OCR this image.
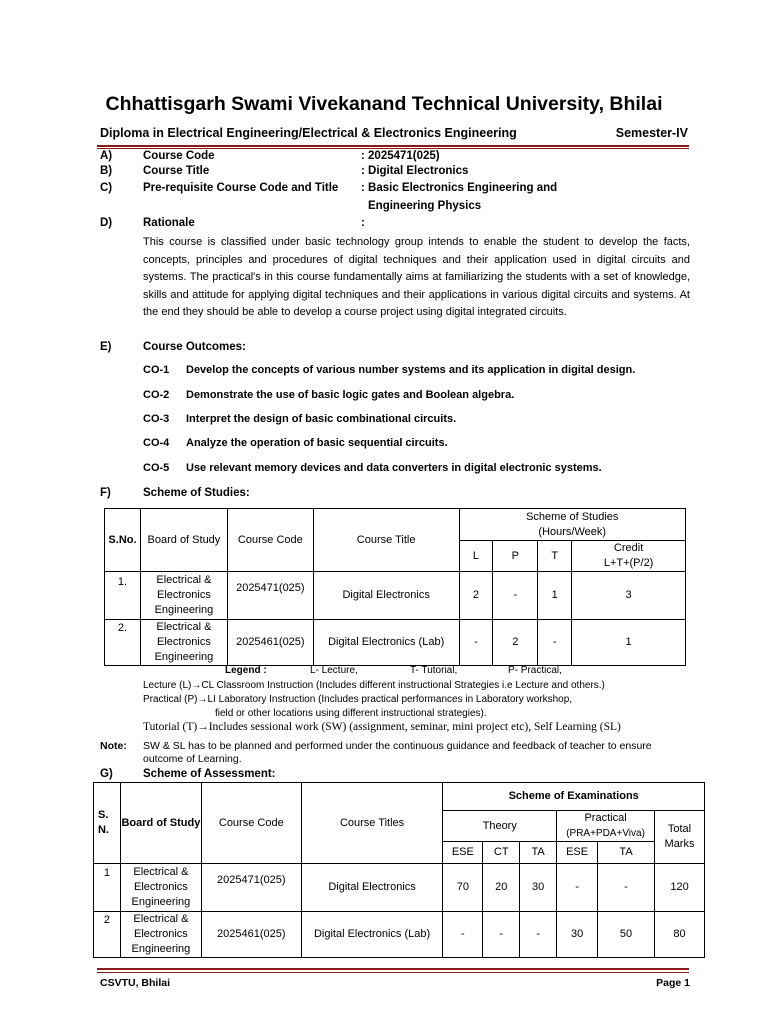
Chhattisgarh Swami Vivekanand Technical University, Bhilai
Diploma in Electrical Engineering/Electrical & Electronics Engineering	Semester-IV
A)	Course Code	: 2025471(025)
B)	Course Title	: Digital Electronics
C)	Pre-requisite Course Code and Title : Basic Electronics Engineering and
Engineering Physics
D)	Rationale	:
This course is classified under basic technology group intends to enable the student to develop the facts, concepts, principles and procedures of digital techniques and their application used in digital circuits and systems. The practical's in this course fundamentally aims at familiarizing the students with a set of knowledge, skills and attitude for applying digital techniques and their applications in various digital circuits and systems. At the end they should be able to develop a course project using digital integrated circuits.
E)	Course Outcomes:
CO-1 Develop the concepts of various number systems and its application in digital design.
CO-2 Demonstrate the use of basic logic gates and Boolean algebra.
CO-3 Interpret the design of basic combinational circuits.
CO-4 Analyze the operation of basic sequential circuits.
CO-5 Use relevant memory devices and data converters in digital electronic systems.
F)	Scheme of Studies:
S.No.	Board of Study	Course Code	Course Title	Scheme of Studies
(Hours/Week)			
				L	P	T	Credit
L+T+(P/2)
1.	Electrical & Electronics Engineering	2025471(025)	Digital Electronics	2	-	1	3
2.	Electrical & Electronics Engineering	2025461(025)	Digital Electronics (Lab)	-	2	-	1
Legend :	L- Lecture,	T- Tutorial,	P- Practical,
Lecture (L)→CL Classroom Instruction (Includes different instructional Strategies i.e Lecture and others.)
Practical (P)→LI Laboratory Instruction (Includes practical performances in Laboratory workshop,
field or other locations using different instructional strategies).
Tutorial (T)→Includes sessional work (SW) (assignment, seminar, mini project etc), Self Learning (SL)
Note: SW & SL has to be planned and performed under the continuous guidance and feedback of teacher to ensure
outcome of Learning.
G)	Scheme of Assessment:
S. N.	Board of Study	Course Code	Course Titles	Scheme of Examinations					
				Theory			Practical
(PRA+PDA+Viva)		Total Marks
				ESE	CT	TA	ESE	TA	
1	Electrical & Electronics Engineering	2025471(025)	Digital Electronics	70	20	30	-	-	120
2	Electrical & Electronics Engineering	2025461(025)	Digital Electronics (Lab)	-	-	-	30	50	80
CSVTU, Bhilai	Page 1
